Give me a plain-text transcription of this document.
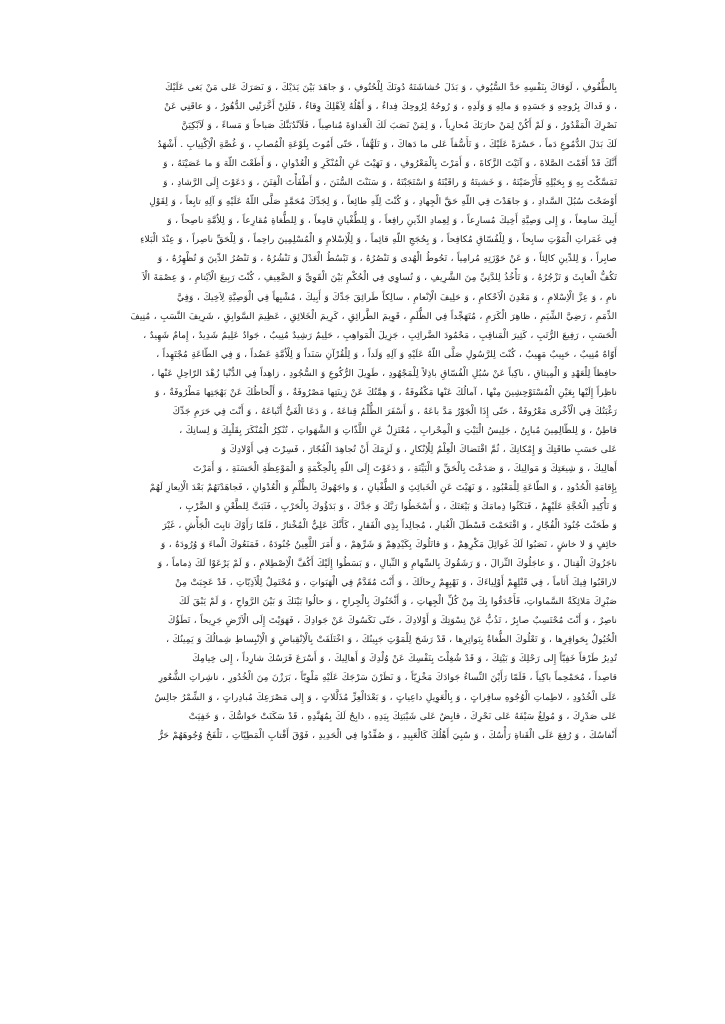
بِالطُّفُوفِ ، لَوَقاكَ بِنَفْسِهِ حَدَّ السُّيُوفِ ، وَ بَذَلَ حُشاشَتَهُ دُونَكَ لِلْحُتُوفِ ، وَ جاهَدَ بَيْنَ يَدَيْكَ ، وَ نَصَرَكَ عَلى مَنْ بَغى عَلَيْكَ
، وَ فَداكَ بِرُوحِهِ وَ جَسَدِهِ وَ مالِهِ وَ وَلَدِهِ ، وَ رُوحُهُ لِرُوحِكَ فِداءٌ ، وَ أَهْلُهُ لِاَهْلِكَ وِقاءٌ ، فَلَئِنْ أَخَّرَتْنِي الدُّهُورُ ، وَ عاقَنِي عَنْ
نَصْرِكَ الْمَقْدُورُ ، وَ لَمْ أَكُنْ لِمَنْ حارَبَكَ مُحارِباً ، وَ لِمَنْ نَصَبَ لَكَ الْعَداوَةَ مُناصِباً ، فَلَاَنْدُبَنَّكَ صَباحاً وَ مَساءً ، وَ لَاَبْكِيَنَّ
لَكَ بَدَلَ الدُّمُوعِ دَماً ، حَسْرَةً عَلَيْكَ ، وَ تَأَسُّفاً عَلى ما دَهاكَ ، وَ تَلَهُّفاً ، حَتّى أَمُوتَ بِلَوْعَةِ الْمُصابِ ، وَ غُصَّةِ الْاِكْتِيابِ . أَشْهَدُ
أَنَّكَ قَدْ أَقَمْتَ الصَّلاةَ ، وَ آتَيْتَ الزَّكاةَ ، وَ أَمَرْتَ بِالْمَعْرُوفِ ، وَ نَهَيْتَ عَنِ الْمُنْكَرِ وَ الْعُدْوانِ ، وَ أَطَعْتَ اللّهَ وَ ما عَصَيْتَهُ ، وَ
تَمَسَّكْتَ بِهِ وَ بِحَبْلِهِ فَأَرْضَيْتَهُ ، وَ خَشيتَهُ وَ راقَبْتَهُ وَ اسْتَجَبْتَهُ ، وَ سَنَنْتَ السُّنَنَ ، وَ أَطْفَأْتَ الْفِتَنَ ، وَ دَعَوْتَ إِلَى الرَّشادِ ، وَ
أَوْضَحْتَ سُبُلَ السَّدادِ ، وَ جاهَدْتَ فِي اللّهِ حَقَّ الْجِهادِ ، وَ كُنْتَ لِلّهِ طائِعاً ، وَ لِجَدِّكَ مُحَمَّدٍ صَلَّى اللّهُ عَلَيْهِ وَ آلِهِ تابِعاً ، وَ لِقَوْلِ
أَبِيكَ سامِعاً ، وَ إِلى وَصِيَّةِ أَخِيكَ مُسارِعاً ، وَ لِعِمادِ الدِّينِ رافِعاً ، وَ لِلطُّغْيانِ قامِعاً ، وَ لِلطُّغاةِ مُقارِعاً ، وَ لِلاُمَّةِ ناصِحاً ، وَ
فِي غَمَراتِ الْمَوْتِ سابِحاً ، وَ لِلْفُسّاقِ مُكافِحاً ، وَ بِحُجَجِ اللّهِ قائِماً ، وَ لِلْاِسْلامِ وَ الْمُسْلِمِينَ راحِماً ، وَ لِلْحَقِّ ناصِراً ، وَ عِنْدَ الْبَلاءِ
صابِراً ، وَ لِلدِّينِ كالِئاً ، وَ عَنْ حَوْزَتِهِ مُرامِياً ، تَحُوطُ الْهُدى وَ تَنْصُرُهُ ، وَ تَبْسُطُ الْعَدْلَ وَ تَنْشُرُهُ ، وَ تَنْصُرُ الدِّينَ وَ تُظْهِرُهُ ، وَ
تَكُفُّ الْعابِثَ وَ تَزْجُرُهُ ، وَ تَأْخُذُ لِلدَّنِيِّ مِنَ الشَّرِيفِ ، وَ تُساوِي فِي الْحُكْمِ بَيْنَ الْقَوِيِّ وَ الضَّعِيفِ ، كُنْتَ رَبِيعَ الْاَيْتامِ ، وَ عِصْمَةَ الْاَ
نامِ ، وَ عِزَّ الْاِسْلامِ ، وَ مَعْدِنَ الْاَحْكامِ ، وَ حَلِيفَ الْاِنْعامِ ، سالِكاً طَرائِقَ جَدِّكَ وَ أَبِيكَ ، مُشْبِهاً فِي الْوَصِيَّةِ لِاَخِيكَ ، وَفِيَّ
الذِّمَمِ ، رَضِيَّ الشِّيَمِ ، ظاهِرَ الْكَرَمِ ، مُتَهَجِّداً فِي الظُّلَمِ ، قَوِيمَ الطَّرائِقِ ، كَرِيمَ الْخَلائِقِ ، عَظِيمَ السَّوابِقِ ، شَرِيفَ النَّسَبِ ، مُنِيفَ
الْحَسَبِ ، رَفِيعَ الرُّتَبِ ، كَثِيرَ الْمَناقِبِ ، مَحْمُودَ الضَّرائِبِ ، جَزِيلَ الْمَواهِبِ ، حَلِيمٌ رَشِيدٌ مُنِيبٌ ، جَوادٌ عَلِيمٌ شَدِيدٌ ، إِمامٌ شَهِيدٌ ،
أَوّاهٌ مُنِيبٌ ، حَبِيبٌ مَهِيبٌ ، كُنْتَ لِلرَّسُولِ صَلَّى اللّهُ عَلَيْهِ وَ آلِهِ وَلَداً ، وَ لِلْقُرْآنِ سَنَداً وَ لِلْاُمَّةِ عَضُداً ، وَ فِي الطّاعَةِ مُجْتَهِداً ،
حافِظاً لِلْعَهْدِ وَ الْمِيثاقِ ، ناكِباً عَنْ سُبُلِ الْفُسّاقِ باذِلاً لِلْمَجْهُودِ ، طَوِيلَ الرُّكُوعِ وَ السُّجُودِ ، زاهِداً فِي الدُّنْيا زُهْدَ الرّاحِلِ عَنْها ،
ناظِراً إِلَيْها بِعَيْنِ الْمُسْتَوْحِشِينَ مِنْها ، آمالُكَ عَنْها مَكْفُوفَةٌ ، وَ هِمَّتُكَ عَنْ زِينَتِها مَصْرُوفَةٌ ، وَ أَلْحاظُكَ عَنْ بَهْجَتِها مَطْرُوفَةٌ ، وَ
رَغْبَتُكَ فِي الْاُخْرى مَعْرُوفَةٌ ، حَتّى إِذَا الْجَوْرُ مَدَّ باعَهُ ، وَ أَسْفَرَ الظُّلْمُ قِناعَهُ ، وَ دَعَا الْغَيُّ أَتْباعَهُ ، وَ أَنْتَ فِي حَرَمِ جَدِّكَ
قاطِنٌ ، وَ لِلظّالِمِينَ مُبايِنٌ ، جَلِيسُ الْبَيْتِ وَ الْمِحْرابِ ، مُعْتَزِلٌ عَنِ اللَّذّاتِ وَ الشَّهَواتِ ، تُنْكِرُ الْمُنْكَرَ بِقَلْبِكَ وَ لِسانِكَ ،
عَلى حَسَبِ طاقَتِكَ وَ إِمْكانِكَ ، ثُمَّ اقْتَضاكَ الْعِلْمُ لِلْاِنْكارِ ، وَ لَزِمَكَ أَنْ تُجاهِدَ الْفُجّارَ ، فَسِرْتَ فِي أَوْلادِكَ وَ
أَهالِيكَ ، وَ شِيعَتِكَ وَ مَوالِيكَ ، وَ صَدَعْتَ بِالْحَقِّ وَ الْبَيِّنَةِ ، وَ دَعَوْتَ إِلَى اللّهِ بِالْحِكْمَةِ وَ الْمَوْعِظَةِ الْحَسَنَةِ ، وَ أَمَرْتَ
بِإِقامَةِ الْحُدُودِ ، وَ الطّاعَةِ لِلْمَعْبُودِ ، وَ نَهَيْتَ عَنِ الْخَبائِثِ وَ الطُّغْيانِ ، وَ واجَهُوكَ بِالظُّلْمِ وَ الْعُدْوانِ ، فَجاهَدْتَهُمْ بَعْدَ الْاِيعازِ لَهُمْ
وَ تَأْكِيدِ الْحُجَّةِ عَلَيْهِمْ ، فَنَكَثُوا ذِمامَكَ وَ بَيْعَتَكَ ، وَ أَسْخَطُوا رَبَّكَ وَ جَدَّكَ ، وَ بَدَؤُوكَ بِالْحَرْبِ ، فَثَبَتَّ لِلطَّعْنِ وَ الضَّرْبِ ،
وَ طَحَنْتَ جُنُودَ الْفُجّارِ ، وَ اقْتَحَمْتَ قَسْطَلَ الْغُبارِ ، مُجالِداً بِذِي الْفَقارِ ، كَأَنَّكَ عَلِيٌّ الْمُخْتارُ ، فَلَمّا رَأَوْكَ ثابِتَ الْجَأْشِ ، غَيْرَ
خائِفٍ وَ لا خاشٍ ، نَصَبُوا لَكَ غَوائِلَ مَكْرِهِمْ ، وَ قاتَلُوكَ بِكَيْدِهِمْ وَ شَرِّهِمْ ، وَ أَمَرَ اللَّعِينُ جُنُودَهُ ، فَمَنَعُوكَ الْماءَ وَ وُرُودَهُ ، وَ
ناجَزُوكَ الْقِتالَ ، وَ عاجَلُوكَ النِّزالَ ، وَ رَشَقُوكَ بِالسِّهامِ وَ النِّبالِ ، وَ بَسَطُوا إِلَيْكَ أَكُفَّ الْاِصْطِلامِ ، وَ لَمْ يَرْعَوْا لَكَ ذِماماً ، وَ
لاراقَبُوا فِيكَ أَثاماً ، فِي قَتْلِهِمْ أَوْلِياءَكَ ، وَ نَهْبِهِمْ رِحالَكَ ، وَ أَنْتَ مُقَدَّمٌ فِي الْهَبَواتِ ، وَ مُحْتَمِلٌ لِلْاَذِيّاتِ ، قَدْ عَجِبَتْ مِنْ
صَبْرِكَ مَلائِكَةُ السَّماواتِ، فَأَحْدَقُوا بِكَ مِنْ كُلِّ الْجِهاتِ ، وَ أَثْخَنُوكَ بِالْجِراحِ ، وَ حالُوا بَيْنَكَ وَ بَيْنَ الرَّواحِ ، وَ لَمْ يَبْقَ لَكَ
ناصِرٌ ، وَ أَنْتَ مُحْتَسِبٌ صابِرٌ ، تَذُبُّ عَنْ نِسْوَتِكَ وَ أَوْلادِكَ ، حَتّى نَكَسُوكَ عَنْ جَوادِكَ ، فَهَوَيْتَ إِلَى الْاَرْضِ جَرِيحاً ، تَطَؤُكَ
الْخُيُولُ بِحَوافِرِها ، وَ تَعْلُوكَ الطُّغاةُ بِبَواتِرِها ، قَدْ رَشَحَ لِلْمَوْتِ جَبِينُكَ ، وَ اخْتَلَفَتْ بِالْاِنْقِباضِ وَ الْاِنْبِساطِ شِمالُكَ وَ يَمِينُكَ ،
تُدِيرُ طَرْفاً خَفِيّاً إِلى رَحْلِكَ وَ بَيْتِكَ ، وَ قَدْ شُغِلْتَ بِنَفْسِكَ عَنْ وُلْدِكَ وَ أَهالِيكَ ، وَ أَسْرَعَ فَرَسُكَ شارِداً ، إِلى خِيامِكَ
قاصِداً ، مُحَمْحِماً باكِياً ، فَلَمّا رَأَيْنَ النِّساءُ جَوادَكَ مَخْزِيّاً ، وَ نَظَرْنَ سَرْجَكَ عَلَيْهِ مَلْوِيّاً ، بَرَزْنَ مِنَ الْخُدُورِ ، ناشِراتِ الشُّعُورِ
عَلَى الْخُدُودِ ، لاطِماتِ الْوُجُوهِ سافِراتٍ ، وَ بِالْعَوِيلِ داعِياتٍ ، وَ بَعْدَالْعِزِّ مُذَلَّلاتٍ ، وَ إِلى مَصْرَعِكَ مُبادِراتٍ ، وَ الشِّمْرُ جالِسٌ
عَلى صَدْرِكَ ، وَ مُولِغٌ سَيْفَهُ عَلى نَحْرِكَ ، قابِضٌ عَلى شَيْبَتِكَ بِيَدِهِ ، ذابِحٌ لَكَ بِمُهَنَّدِهِ ، قَدْ سَكَنَتْ حَواسُّكَ ، وَ خَفِيَتْ
أَنْفاسُكَ ، وَ رُفِعَ عَلَى الْقَناةِ رَأْسُكَ ، وَ سُبِيَ أَهْلُكَ كَالْعَبِيدِ ، وَ صُفِّدُوا فِي الْحَدِيدِ ، فَوْقَ أَقْتابِ الْمَطِيّاتِ ، تَلْفَحُ وُجُوهَهُمْ حَرُّ
